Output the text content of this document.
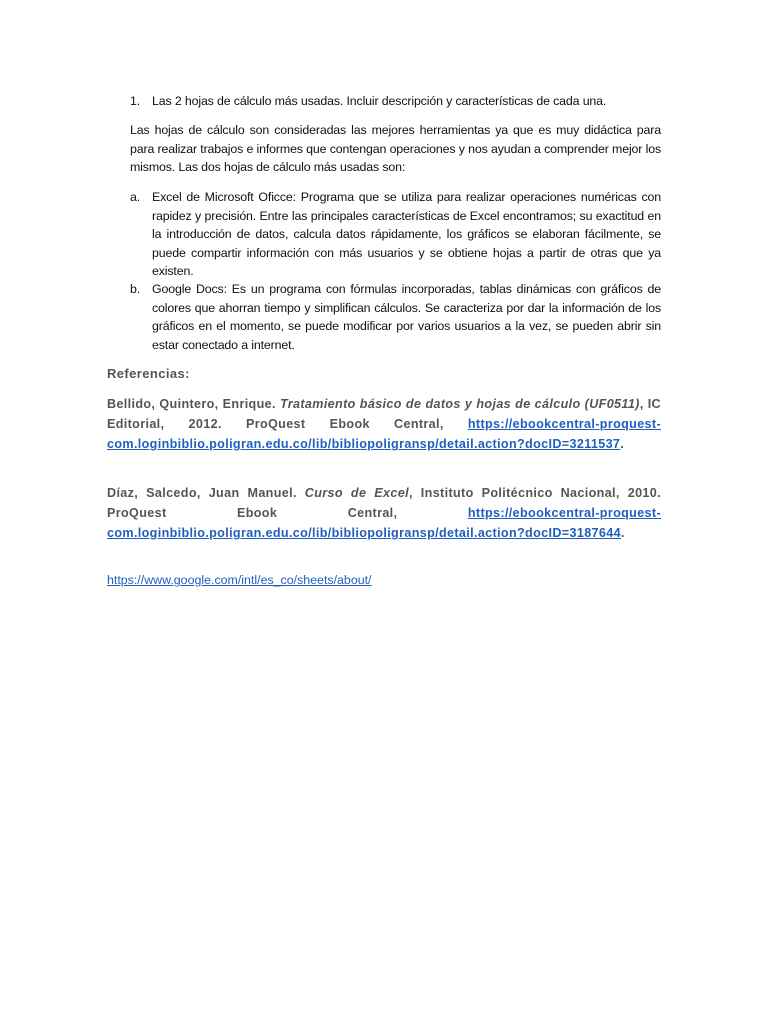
1. Las 2 hojas de cálculo más usadas. Incluir descripción y características de cada una.
Las hojas de cálculo son consideradas las mejores herramientas ya que es muy didáctica para para realizar trabajos e informes que contengan operaciones y nos ayudan a comprender mejor los mismos. Las dos hojas de cálculo más usadas son:
a. Excel de Microsoft Oficce: Programa que se utiliza para realizar operaciones numéricas con rapidez y precisión. Entre las principales características de Excel encontramos; su exactitud en la introducción de datos, calcula datos rápidamente, los gráficos se elaboran fácilmente, se puede compartir información con más usuarios y se obtiene hojas a partir de otras que ya existen.
b. Google Docs: Es un programa con fórmulas incorporadas, tablas dinámicas con gráficos de colores que ahorran tiempo y simplifican cálculos. Se caracteriza por dar la información de los gráficos en el momento, se puede modificar por varios usuarios a la vez, se pueden abrir sin estar conectado a internet.
Referencias:
Bellido, Quintero, Enrique. Tratamiento básico de datos y hojas de cálculo (UF0511), IC Editorial, 2012. ProQuest Ebook Central, https://ebookcentral-proquest-com.loginbiblio.poligran.edu.co/lib/bibliopoligransp/detail.action?docID=3211537.
Díaz, Salcedo, Juan Manuel. Curso de Excel, Instituto Politécnico Nacional, 2010. ProQuest Ebook Central, https://ebookcentral-proquest-com.loginbiblio.poligran.edu.co/lib/bibliopoligransp/detail.action?docID=3187644.
https://www.google.com/intl/es_co/sheets/about/
